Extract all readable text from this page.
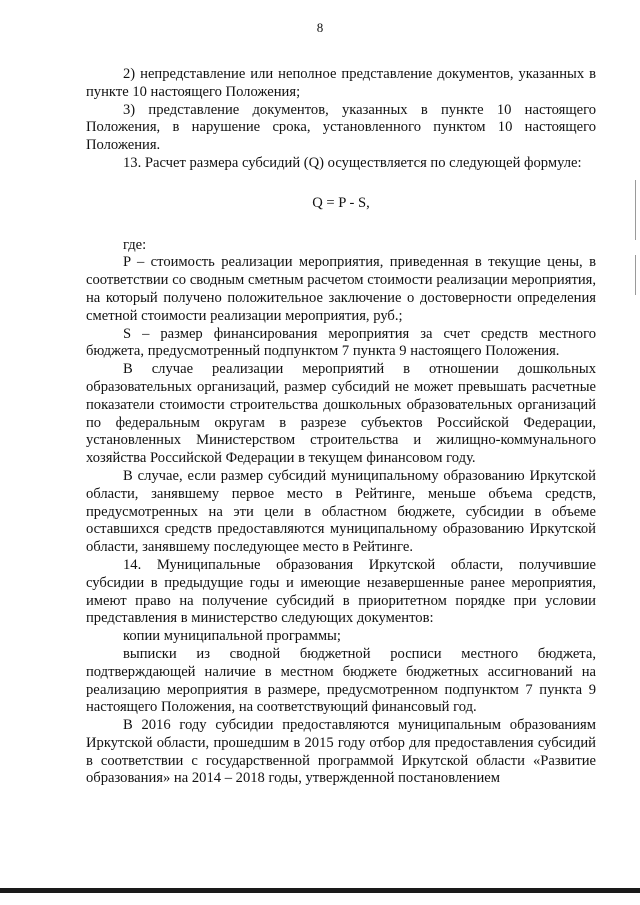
8

2) непредставление или неполное представление документов, указанных в пункте 10 настоящего Положения;

3) представление документов, указанных в пункте 10 настоящего Положения, в нарушение срока, установленного пунктом 10 настоящего Положения.

13. Расчет размера субсидий (Q) осуществляется по следующей формуле:

Q = P - S,

где:

P – стоимость реализации мероприятия, приведенная в текущие цены, в соответствии со сводным сметным расчетом стоимости реализации мероприятия, на который получено положительное заключение о достоверности определения сметной стоимости реализации мероприятия, руб.;

S – размер финансирования мероприятия за счет средств местного бюджета, предусмотренный подпунктом 7 пункта 9 настоящего Положения.

В случае реализации мероприятий в отношении дошкольных образовательных организаций, размер субсидий не может превышать расчетные показатели стоимости строительства дошкольных образовательных организаций по федеральным округам в разрезе субъектов Российской Федерации, установленных Министерством строительства и жилищно-коммунального хозяйства Российской Федерации в текущем финансовом году.

В случае, если размер субсидий муниципальному образованию Иркутской области, занявшему первое место в Рейтинге, меньше объема средств, предусмотренных на эти цели в областном бюджете, субсидии в объеме оставшихся средств предоставляются муниципальному образованию Иркутской области, занявшему последующее место в Рейтинге.

14. Муниципальные образования Иркутской области, получившие субсидии в предыдущие годы и имеющие незавершенные ранее мероприятия, имеют право на получение субсидий в приоритетном порядке при условии представления в министерство следующих документов:

копии муниципальной программы;

выписки из сводной бюджетной росписи местного бюджета, подтверждающей наличие в местном бюджете бюджетных ассигнований на реализацию мероприятия в размере, предусмотренном подпунктом 7 пункта 9 настоящего Положения, на соответствующий финансовый год.

В 2016 году субсидии предоставляются муниципальным образованиям Иркутской области, прошедшим в 2015 году отбор для предоставления субсидий в соответствии с государственной программой Иркутской области «Развитие образования» на 2014 – 2018 годы, утвержденной постановлением
